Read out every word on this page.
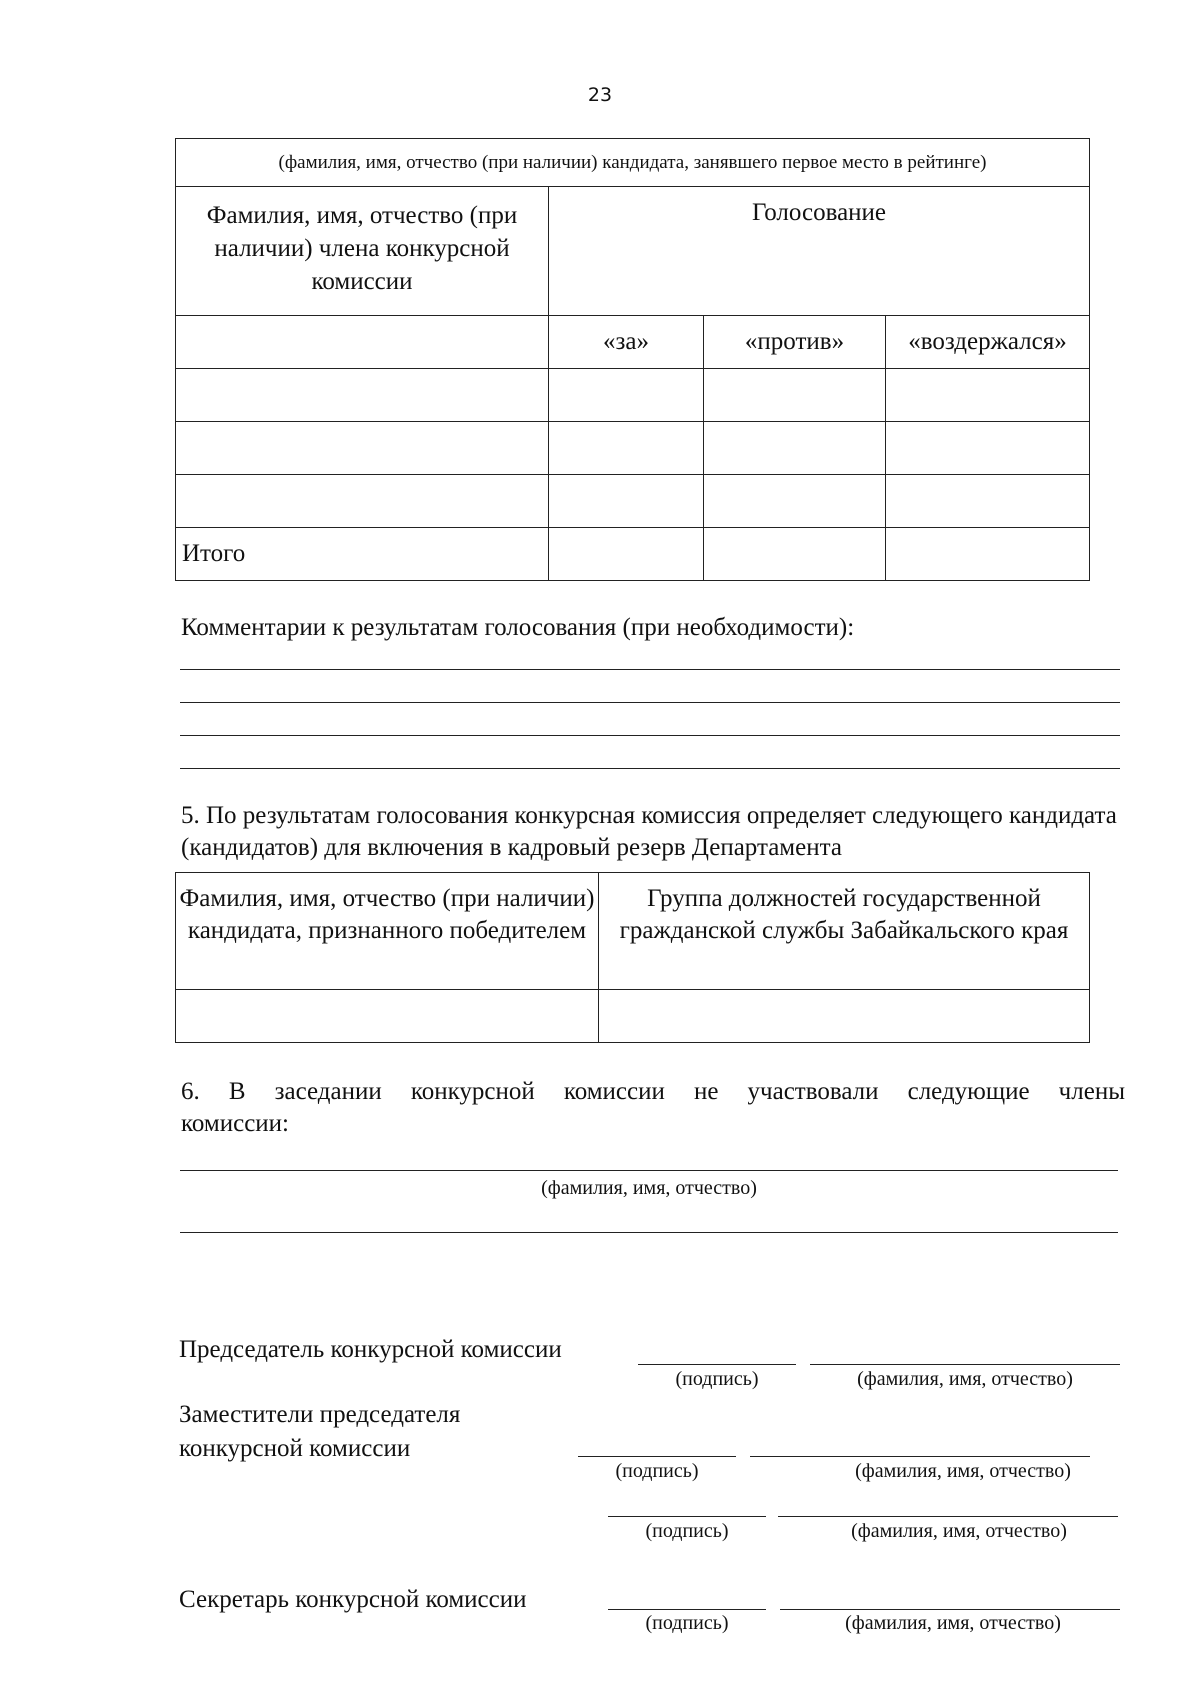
23
(фамилия, имя, отчество (при наличии) кандидата, занявшего первое место в рейтинге)			
Фамилия, имя, отчество (при наличии) члена конкурсной комиссии	Голосование		
	«за»	«против»	«воздержался»

Итого			
Комментарии к результатам голосования (при необходимости):
5. По результатам голосования конкурсная комиссия определяет следующего кандидата (кандидатов) для включения в кадровый резерв Департамента
Фамилия, имя, отчество (при наличии) кандидата, признанного победителем	Группа должностей государственной гражданской службы Забайкальского края

6. В заседании конкурсной комиссии не участвовали следующие члены
комиссии:
(фамилия, имя, отчество)
Председатель конкурсной комиссии
(подпись)	(фамилия, имя, отчество)
Заместители председателя
конкурсной комиссии
(подпись)	(фамилия, имя, отчество)
(подпись)	(фамилия, имя, отчество)
Секретарь конкурсной комиссии
(подпись)	(фамилия, имя, отчество)
